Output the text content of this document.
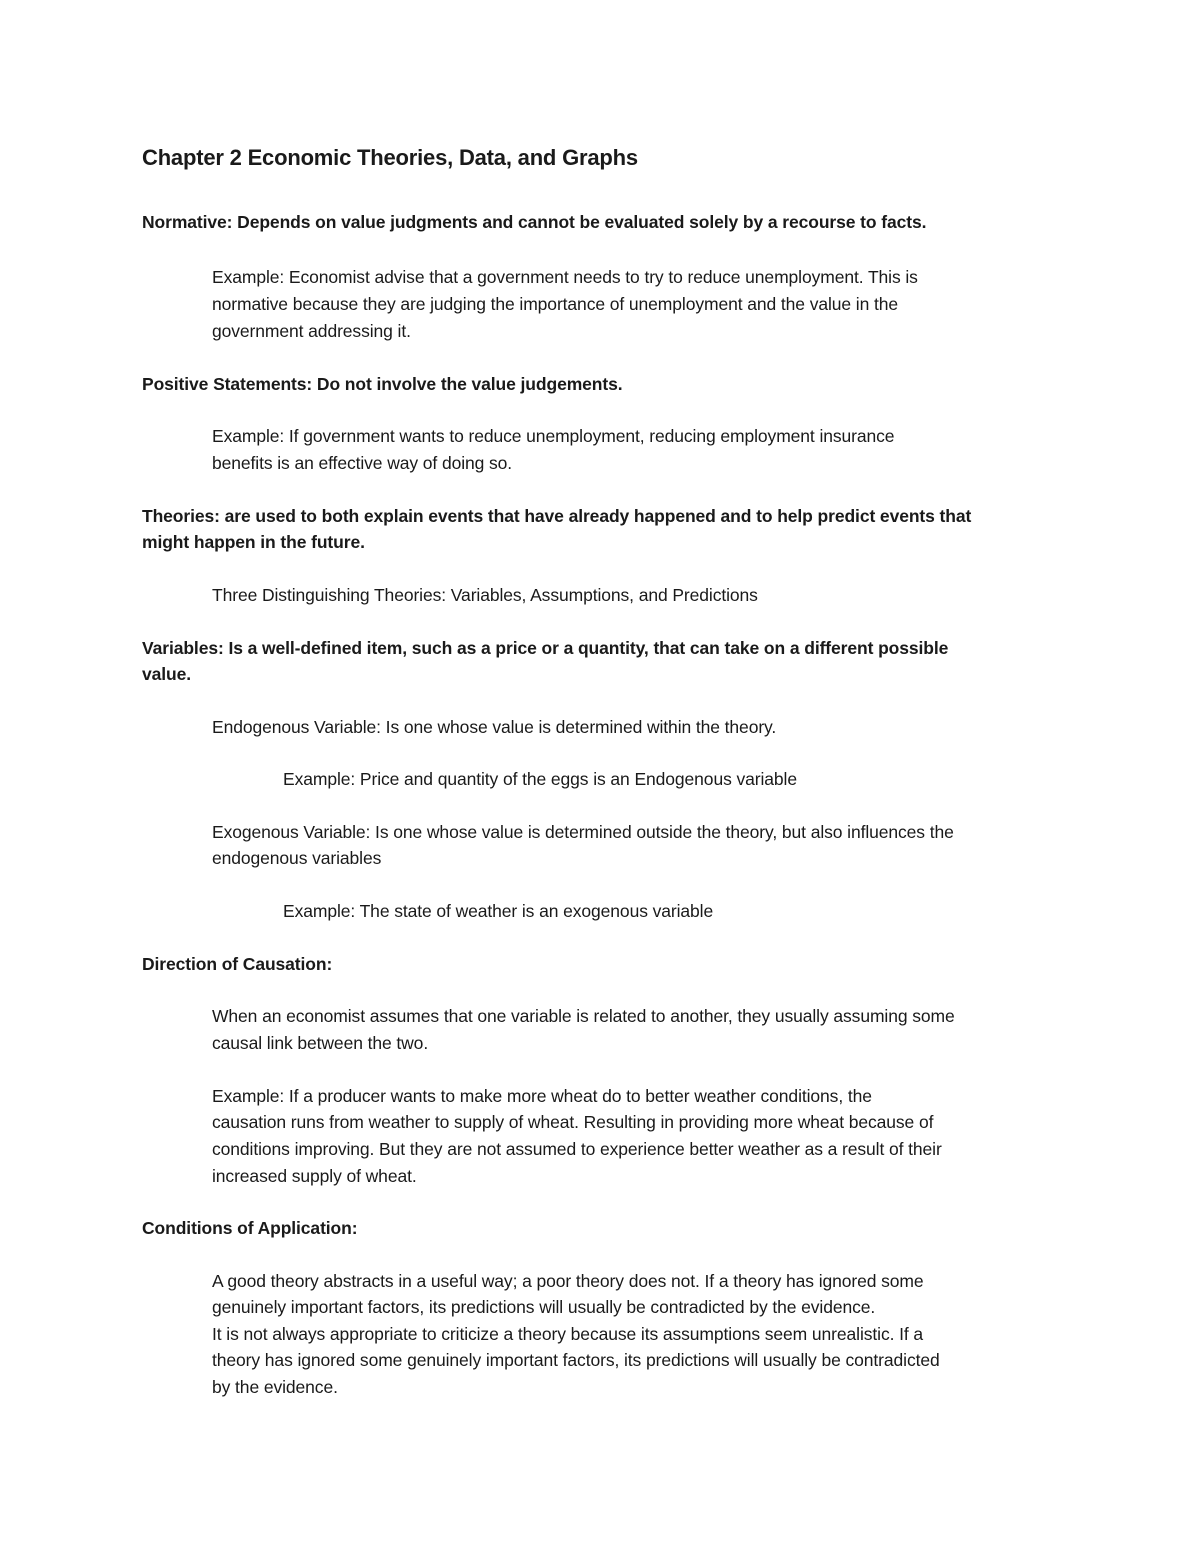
Chapter 2 Economic Theories, Data, and Graphs

Normative: Depends on value judgments and cannot be evaluated solely by a recourse to facts.

Example: Economist advise that a government needs to try to reduce unemployment. This is

normative because they are judging the importance of unemployment and the value in the

government addressing it.

Positive Statements: Do not involve the value judgements.

Example: If government wants to reduce unemployment, reducing employment insurance

benefits is an effective way of doing so.

Theories: are used to both explain events that have already happened and to help predict events that

might happen in the future.

Three Distinguishing Theories: Variables, Assumptions, and Predictions

Variables: Is a well-defined item, such as a price or a quantity, that can take on a different possible

value.

Endogenous Variable: Is one whose value is determined within the theory.

Example: Price and quantity of the eggs is an Endogenous variable

Exogenous Variable: Is one whose value is determined outside the theory, but also influences the

endogenous variables

Example: The state of weather is an exogenous variable

Direction of Causation:

When an economist assumes that one variable is related to another, they usually assuming some

causal link between the two.

Example: If a producer wants to make more wheat do to better weather conditions, the

causation runs from weather to supply of wheat. Resulting in providing more wheat because of

conditions improving. But they are not assumed to experience better weather as a result of their

increased supply of wheat.

Conditions of Application:

A good theory abstracts in a useful way; a poor theory does not. If a theory has ignored some

genuinely important factors, its predictions will usually be contradicted by the evidence.

It is not always appropriate to criticize a theory because its assumptions seem unrealistic. If a

theory has ignored some genuinely important factors, its predictions will usually be contradicted

by the evidence.
